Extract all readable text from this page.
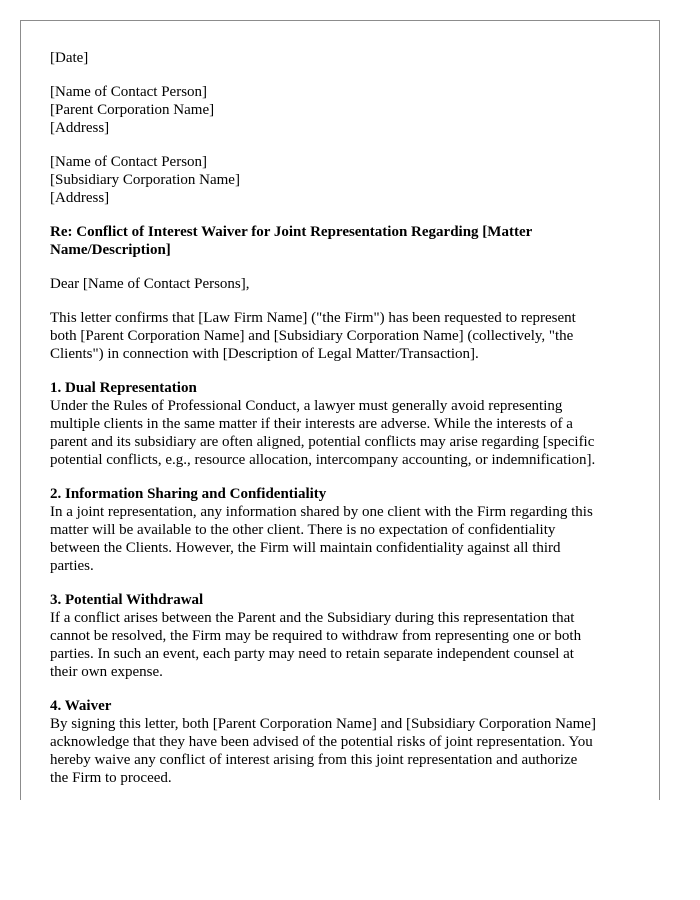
[Date]
[Name of Contact Person]
[Parent Corporation Name]
[Address]
[Name of Contact Person]
[Subsidiary Corporation Name]
[Address]
Re: Conflict of Interest Waiver for Joint Representation Regarding [Matter
Name/Description]
Dear [Name of Contact Persons],
This letter confirms that [Law Firm Name] ("the Firm") has been requested to represent
both [Parent Corporation Name] and [Subsidiary Corporation Name] (collectively, "the
Clients") in connection with [Description of Legal Matter/Transaction].
1. Dual Representation
Under the Rules of Professional Conduct, a lawyer must generally avoid representing
multiple clients in the same matter if their interests are adverse. While the interests of a
parent and its subsidiary are often aligned, potential conflicts may arise regarding [specific
potential conflicts, e.g., resource allocation, intercompany accounting, or indemnification].
2. Information Sharing and Confidentiality
In a joint representation, any information shared by one client with the Firm regarding this
matter will be available to the other client. There is no expectation of confidentiality
between the Clients. However, the Firm will maintain confidentiality against all third
parties.
3. Potential Withdrawal
If a conflict arises between the Parent and the Subsidiary during this representation that
cannot be resolved, the Firm may be required to withdraw from representing one or both
parties. In such an event, each party may need to retain separate independent counsel at
their own expense.
4. Waiver
By signing this letter, both [Parent Corporation Name] and [Subsidiary Corporation Name]
acknowledge that they have been advised of the potential risks of joint representation. You
hereby waive any conflict of interest arising from this joint representation and authorize
the Firm to proceed.
